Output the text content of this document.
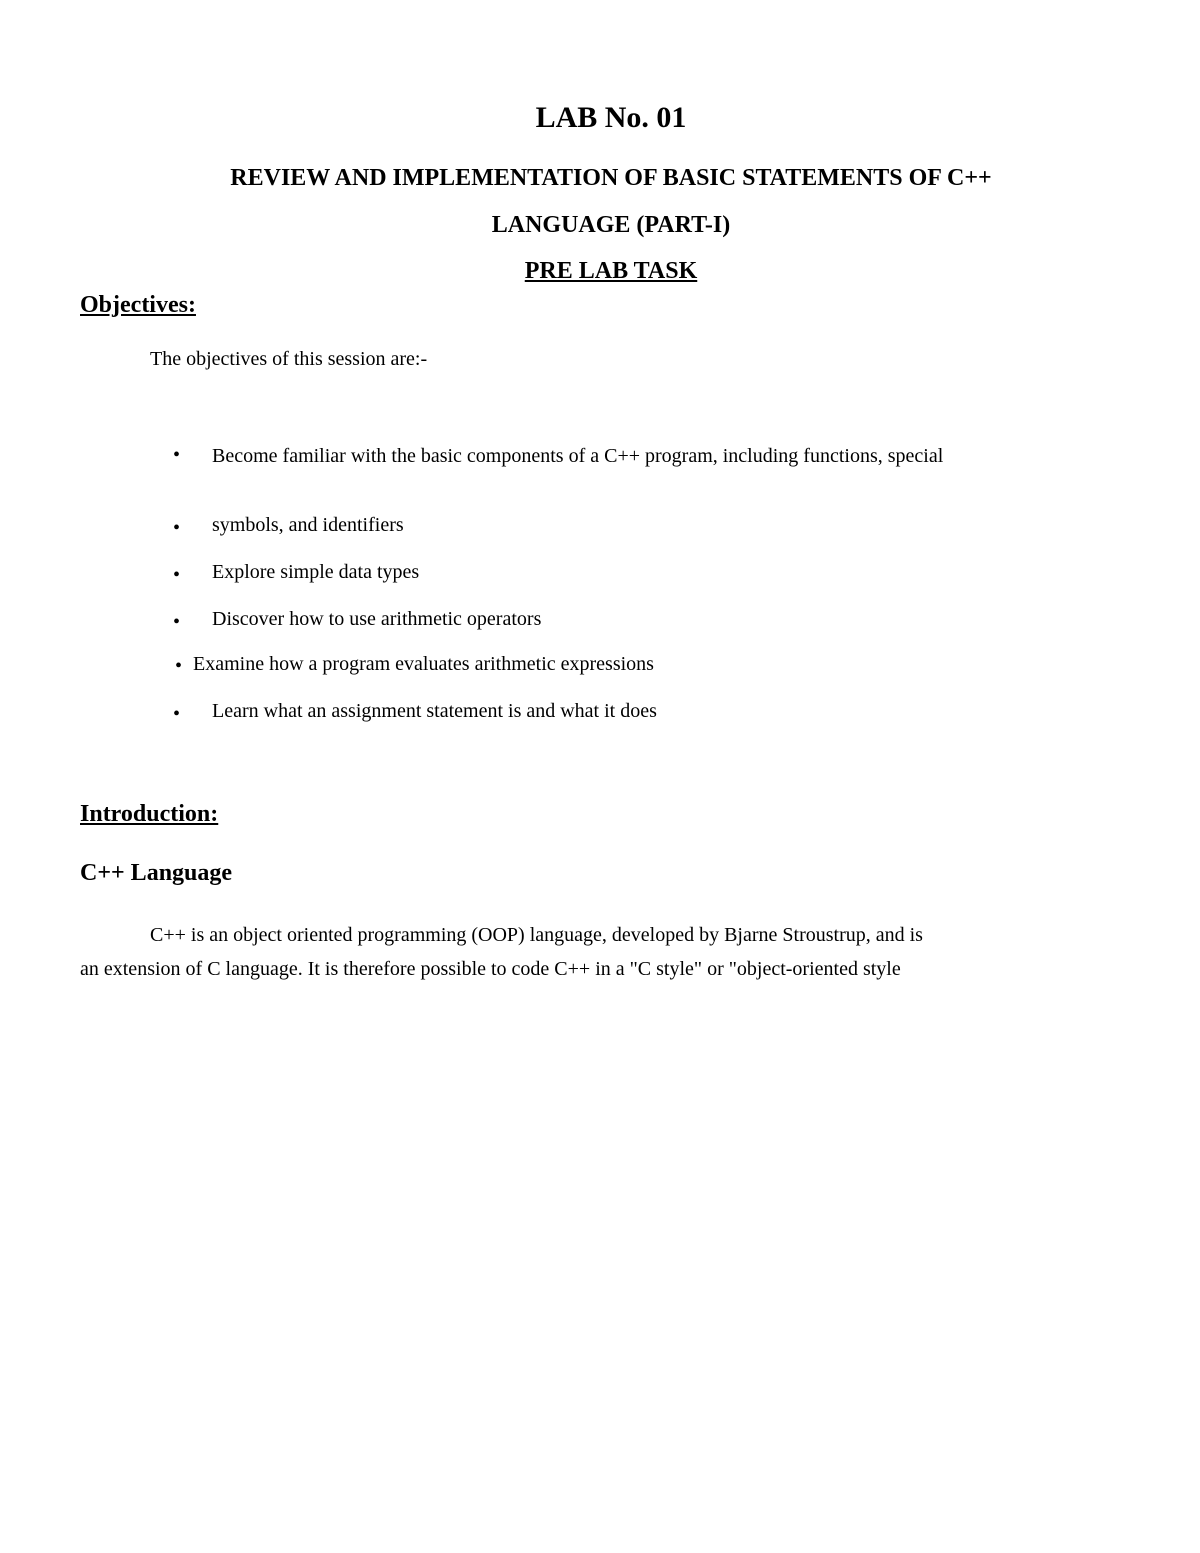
LAB No. 01
REVIEW AND IMPLEMENTATION OF BASIC STATEMENTS OF C++
LANGUAGE (PART-I)
PRE LAB TASK
Objectives:
The objectives of this session are:-
• Become familiar with the basic components of a C++ program, including functions, special
• symbols, and identifiers
• Explore simple data types
• Discover how to use arithmetic operators
• Examine how a program evaluates arithmetic expressions
• Learn what an assignment statement is and what it does
Introduction:
C++ Language
C++ is an object oriented programming (OOP) language, developed by Bjarne Stroustrup, and is
an extension of C language. It is therefore possible to code C++ in a "C style" or "object-oriented style
